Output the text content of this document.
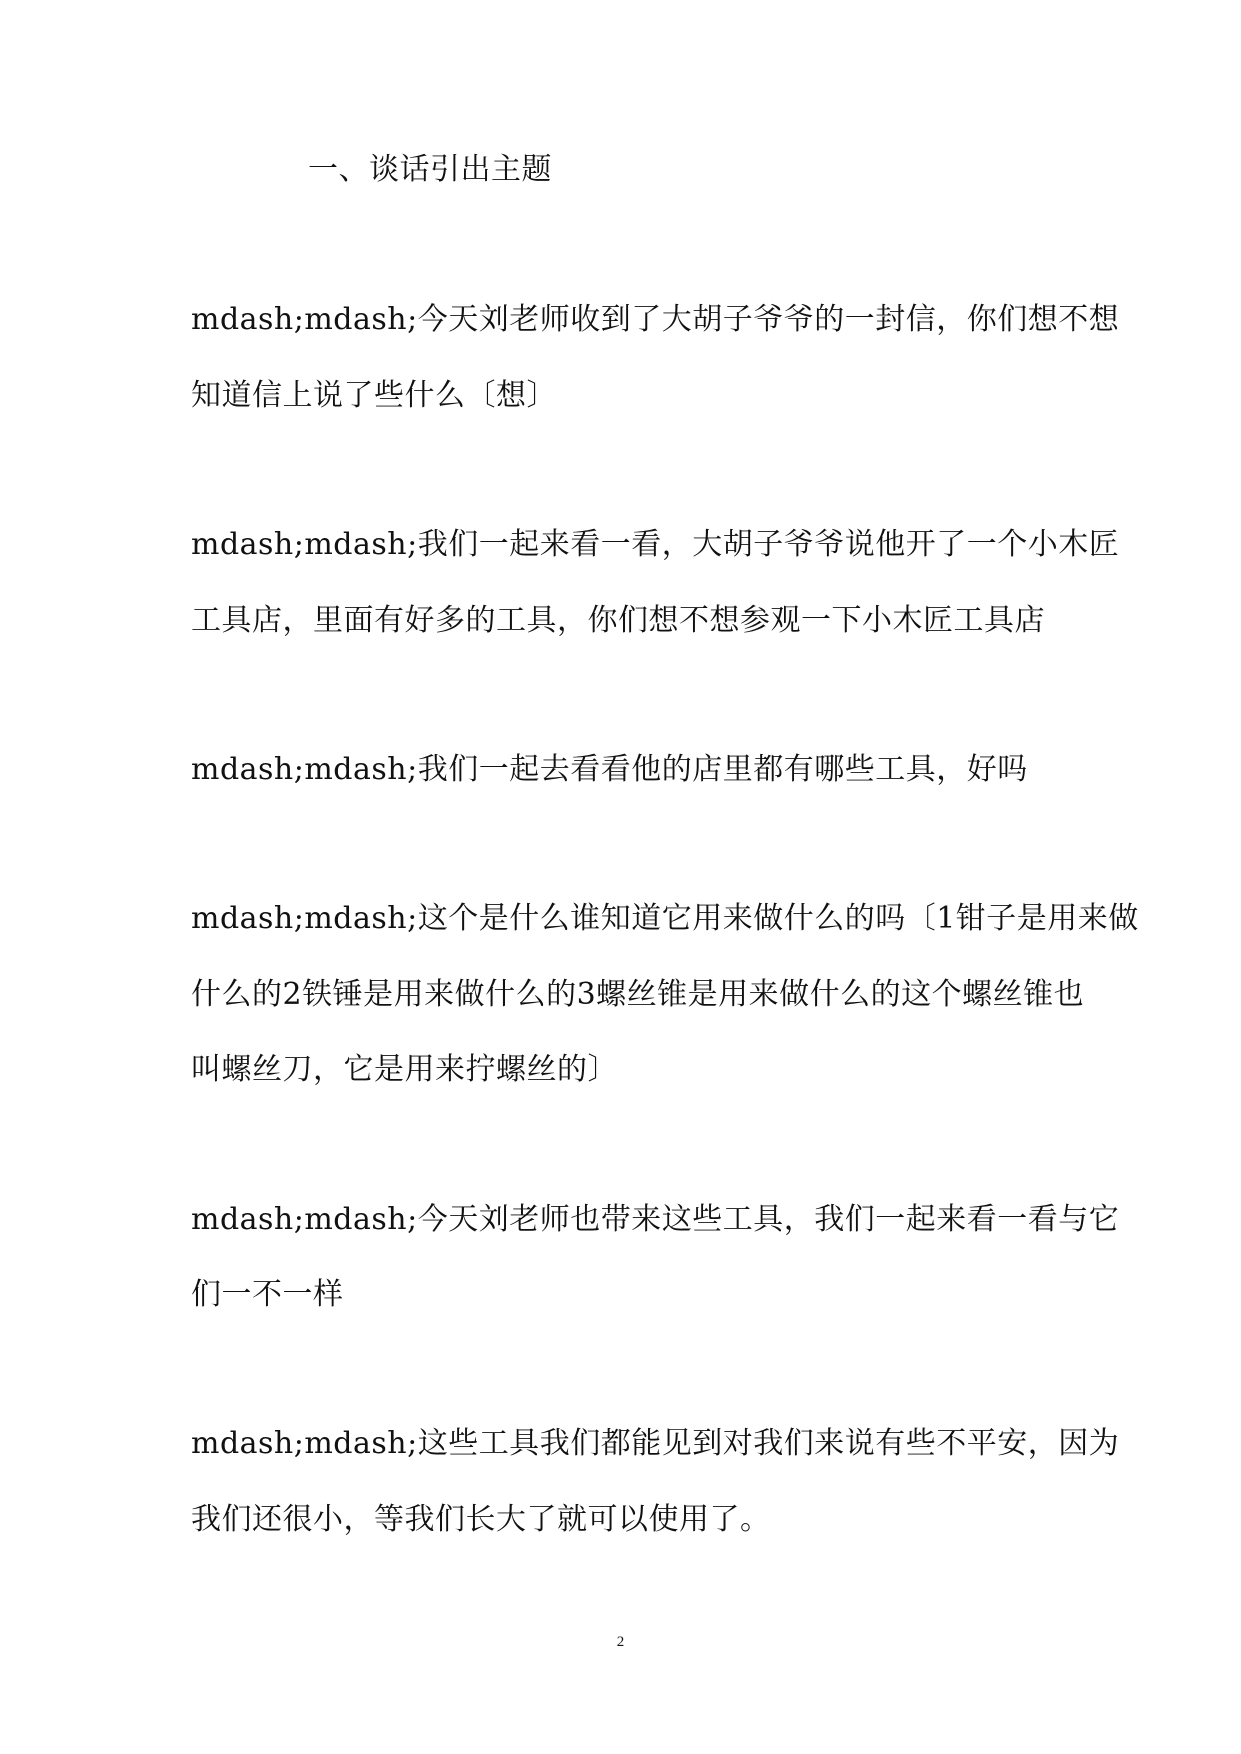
一、谈话引出主题
mdash;mdash;今天刘老师收到了大胡子爷爷的一封信，你们想不想
知道信上说了些什么〔想〕
mdash;mdash;我们一起来看一看，大胡子爷爷说他开了一个小木匠
工具店，里面有好多的工具，你们想不想参观一下小木匠工具店
mdash;mdash;我们一起去看看他的店里都有哪些工具，好吗
mdash;mdash;这个是什么谁知道它用来做什么的吗〔1钳子是用来做
什么的2铁锤是用来做什么的3螺丝锥是用来做什么的这个螺丝锥也
叫螺丝刀，它是用来拧螺丝的〕
mdash;mdash;今天刘老师也带来这些工具，我们一起来看一看与它
们一不一样
mdash;mdash;这些工具我们都能见到对我们来说有些不平安，因为
我们还很小，等我们长大了就可以使用了。
2
